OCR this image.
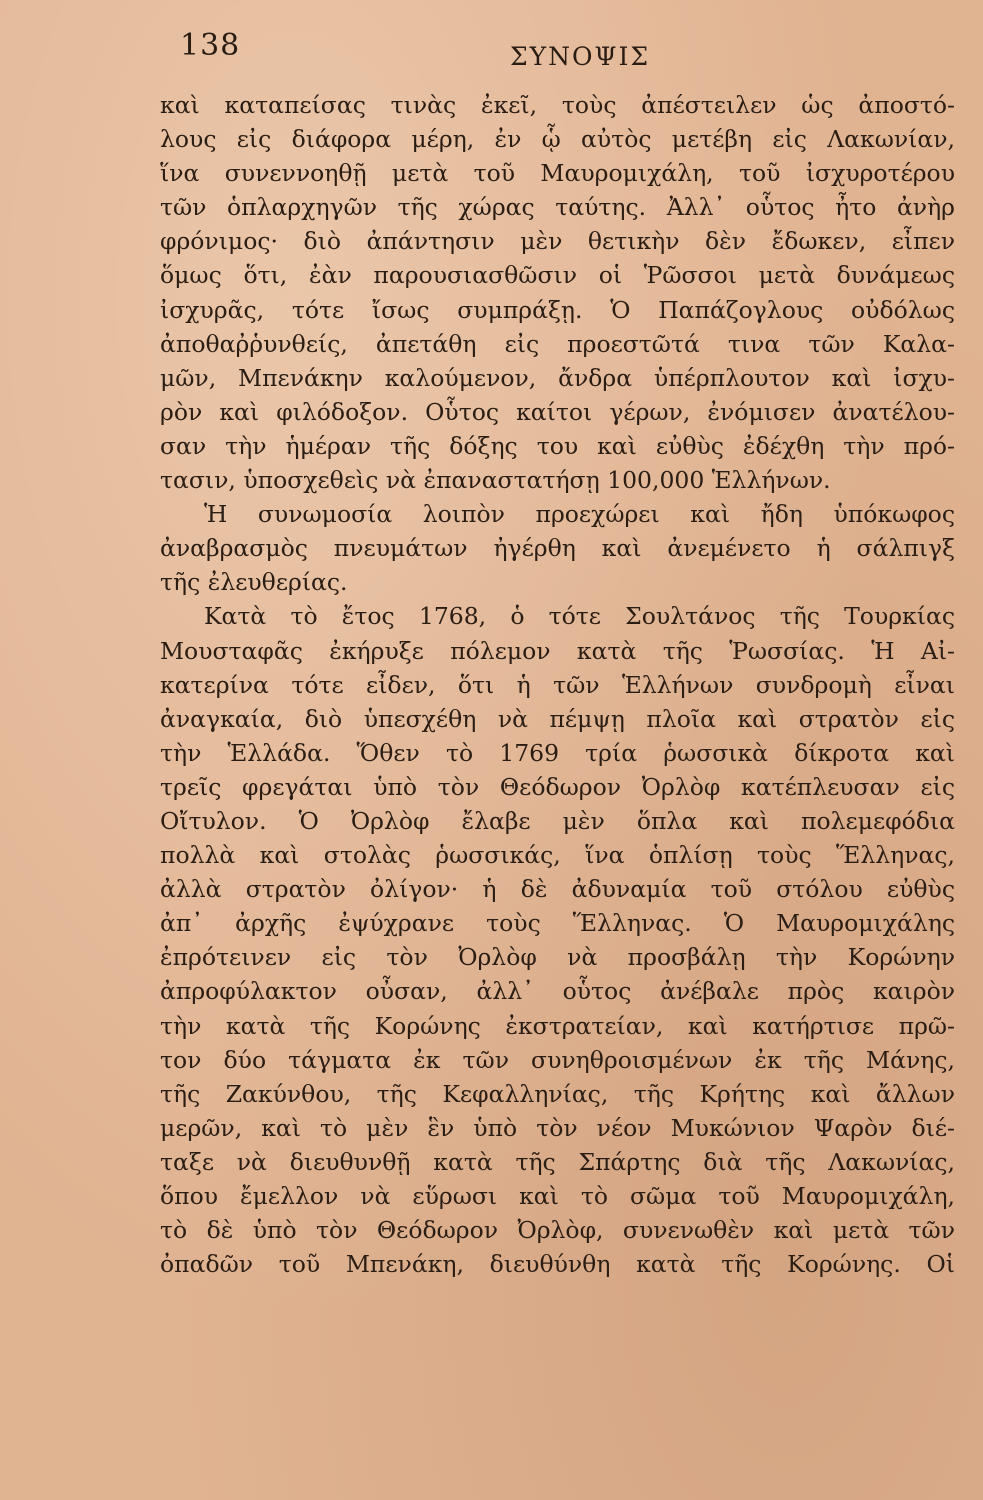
138	ΣΥΝΟΨΙΣ
καὶ καταπείσας τινὰς ἐκεῖ, τοὺς ἀπέστειλεν ὡς ἀποστό-
λους εἰς διάφορα μέρη, ἐν ᾧ αὐτὸς μετέβη εἰς Λακωνίαν,
ἵνα συνεννοηθῇ μετὰ τοῦ Μαυρομιχάλη, τοῦ ἰσχυροτέρου
τῶν ὁπλαρχηγῶν τῆς χώρας ταύτης. Ἀλλ᾽ οὗτος ἦτο ἀνὴρ
φρόνιμος· διὸ ἀπάντησιν μὲν θετικὴν δὲν ἔδωκεν, εἶπεν
ὅμως ὅτι, ἐὰν παρουσιασθῶσιν οἱ Ῥῶσσοι μετὰ δυνάμεως
ἰσχυρᾶς, τότε ἴσως συμπράξῃ. Ὁ Παπάζογλους οὐδόλως
ἀποθαῤῥυνθείς, ἀπετάθη εἰς προεστῶτά τινα τῶν Καλα-
μῶν, Μπενάκην καλούμενον, ἄνδρα ὑπέρπλουτον καὶ ἰσχυ-
ρὸν καὶ φιλόδοξον. Οὗτος καίτοι γέρων, ἐνόμισεν ἀνατέλου-
σαν τὴν ἡμέραν τῆς δόξης του καὶ εὐθὺς ἐδέχθη τὴν πρό-
τασιν, ὑποσχεθεὶς νὰ ἐπαναστατήσῃ 100,000 Ἑλλήνων.
Ἡ συνωμοσία λοιπὸν προεχώρει καὶ ἤδη ὑπόκωφος
ἀναβρασμὸς πνευμάτων ἠγέρθη καὶ ἀνεμένετο ἡ σάλπιγξ
τῆς ἐλευθερίας.
Κατὰ τὸ ἔτος 1768, ὁ τότε Σουλτάνος τῆς Τουρκίας
Μουσταφᾶς ἐκήρυξε πόλεμον κατὰ τῆς Ῥωσσίας. Ἡ Αἰ-
κατερίνα τότε εἶδεν, ὅτι ἡ τῶν Ἑλλήνων συνδρομὴ εἶναι
ἀναγκαία, διὸ ὑπεσχέθη νὰ πέμψῃ πλοῖα καὶ στρατὸν εἰς
τὴν Ἑλλάδα. Ὅθεν τὸ 1769 τρία ῥωσσικὰ δίκροτα καὶ
τρεῖς φρεγάται ὑπὸ τὸν Θεόδωρον Ὀρλὸφ κατέπλευσαν εἰς
Οἴτυλον. Ὁ Ὀρλὸφ ἔλαβε μὲν ὅπλα καὶ πολεμεφόδια
πολλὰ καὶ στολὰς ῥωσσικάς, ἵνα ὁπλίσῃ τοὺς Ἕλληνας,
ἀλλὰ στρατὸν ὀλίγον· ἡ δὲ ἀδυναμία τοῦ στόλου εὐθὺς
ἀπ᾽ ἀρχῆς ἐψύχρανε τοὺς Ἕλληνας. Ὁ Μαυρομιχάλης
ἐπρότεινεν εἰς τὸν Ὀρλὸφ νὰ προσβάλῃ τὴν Κορώνην
ἀπροφύλακτον οὖσαν, ἀλλ᾽ οὗτος ἀνέβαλε πρὸς καιρὸν
τὴν κατὰ τῆς Κορώνης ἐκστρατείαν, καὶ κατήρτισε πρῶ-
τον δύο τάγματα ἐκ τῶν συνηθροισμένων ἐκ τῆς Μάνης,
τῆς Ζακύνθου, τῆς Κεφαλληνίας, τῆς Κρήτης καὶ ἄλλων
μερῶν, καὶ τὸ μὲν ἓν ὑπὸ τὸν νέον Μυκώνιον Ψαρὸν διέ-
ταξε νὰ διευθυνθῇ κατὰ τῆς Σπάρτης διὰ τῆς Λακωνίας,
ὅπου ἔμελλον νὰ εὕρωσι καὶ τὸ σῶμα τοῦ Μαυρομιχάλη,
τὸ δὲ ὑπὸ τὸν Θεόδωρον Ὀρλὸφ, συνενωθὲν καὶ μετὰ τῶν
ὀπαδῶν τοῦ Μπενάκη, διευθύνθη κατὰ τῆς Κορώνης. Οἱ
